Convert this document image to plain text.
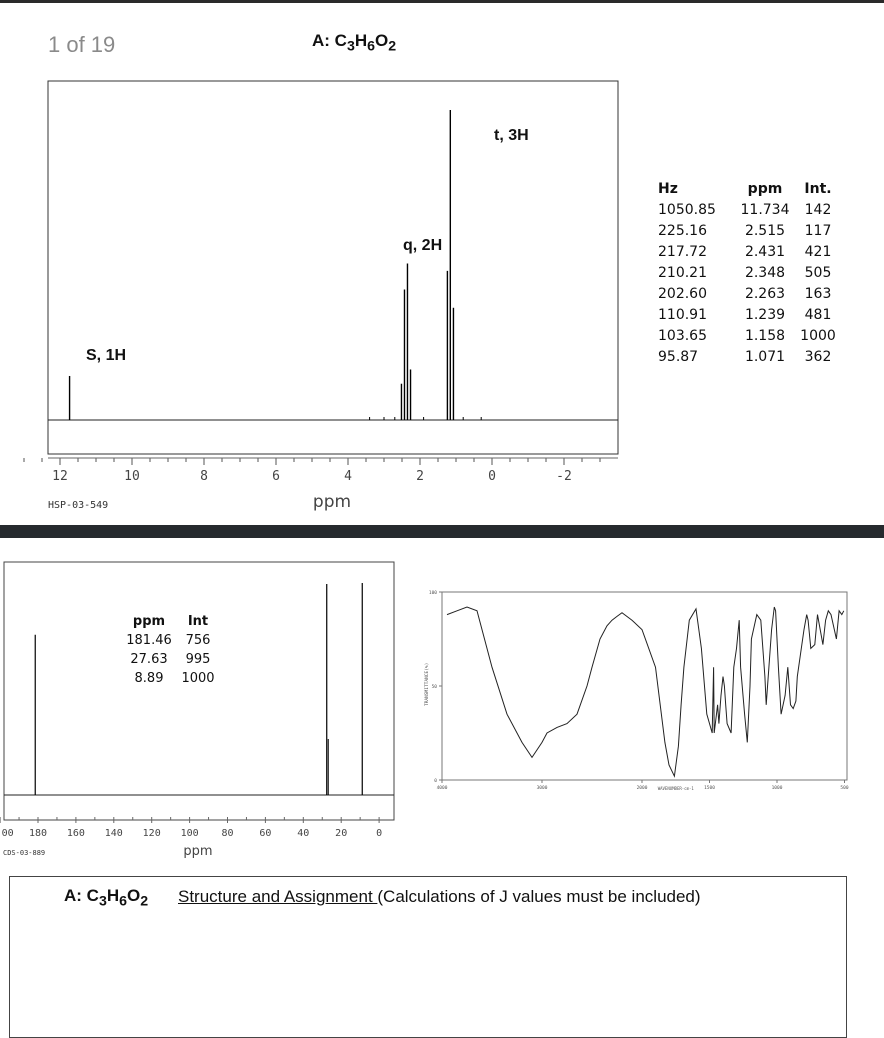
1 of 19	A: $C_3H_6O_2$
12	10	8	6	4	2	0	-2
ppm
HSP-03-549
S, 1H
q, 2H
t, 3H
Hz	ppm Int.
1050.85 11.734 142
225.16	2.515 117
217.72	2.431 421
210.21	2.348 505
202.60	2.263 163
110.91	1.239 481
103.65	1.158 1000
95.87	1.071 362
00 180 160 140 120 100 80	60	40	20	0
ppm
CDS-03-889
ppm Int
181.46 756
27.63 995
8.89 1000
100
50
0
4000	3000	2000	1500	1000	500
WAVENUMBER-cm-1
TRANSMITTANCE(%)
A: $C_3H_6O_2$ Structure and Assignment (Calculations of J values must be included)
